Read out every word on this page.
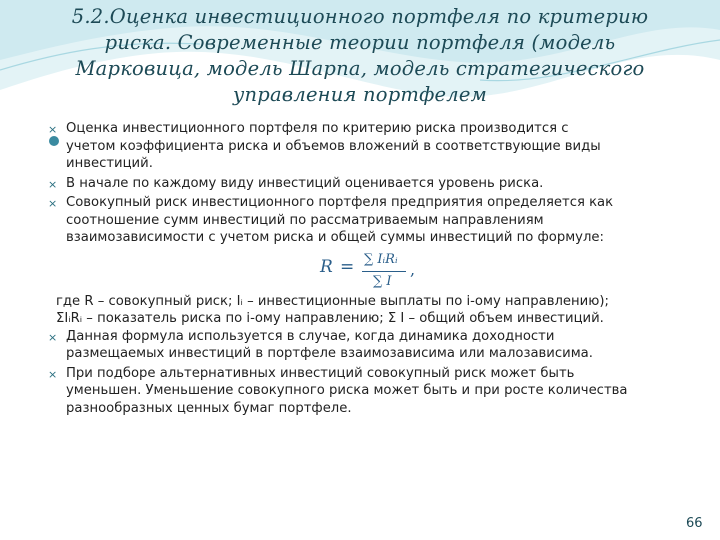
5.2.Оценка инвестиционного портфеля по критерию
риска. Современные теории портфеля (модель
Марковица, модель Шарпа, модель стратегического
управления портфелем
× Оценка инвестиционного портфеля по критерию риска производится с
учетом коэффициента риска и объемов вложений в соответствующие виды
инвестиций.
× В начале по каждому виду инвестиций оценивается уровень риска.
× Совокупный риск инвестиционного портфеля предприятия определяется как
соотношение сумм инвестиций по рассматриваемым направлениям
взаимозависимости с учетом риска и общей суммы инвестиций по формуле:
R = ∑ IᵢRᵢ
∑ I
,
где R – совокупный риск; Iᵢ – инвестиционные выплаты по i-ому направлению);
ΣIᵢRᵢ – показатель риска по i-ому направлению; Σ I – общий объем инвестиций.
× Данная формула используется в случае, когда динамика доходности
размещаемых инвестиций в портфеле взаимозависима или малозависима.
× При подборе альтернативных инвестиций совокупный риск может быть
уменьшен. Уменьшение совокупного риска может быть и при росте количества
разнообразных ценных бумаг портфеле.
66
